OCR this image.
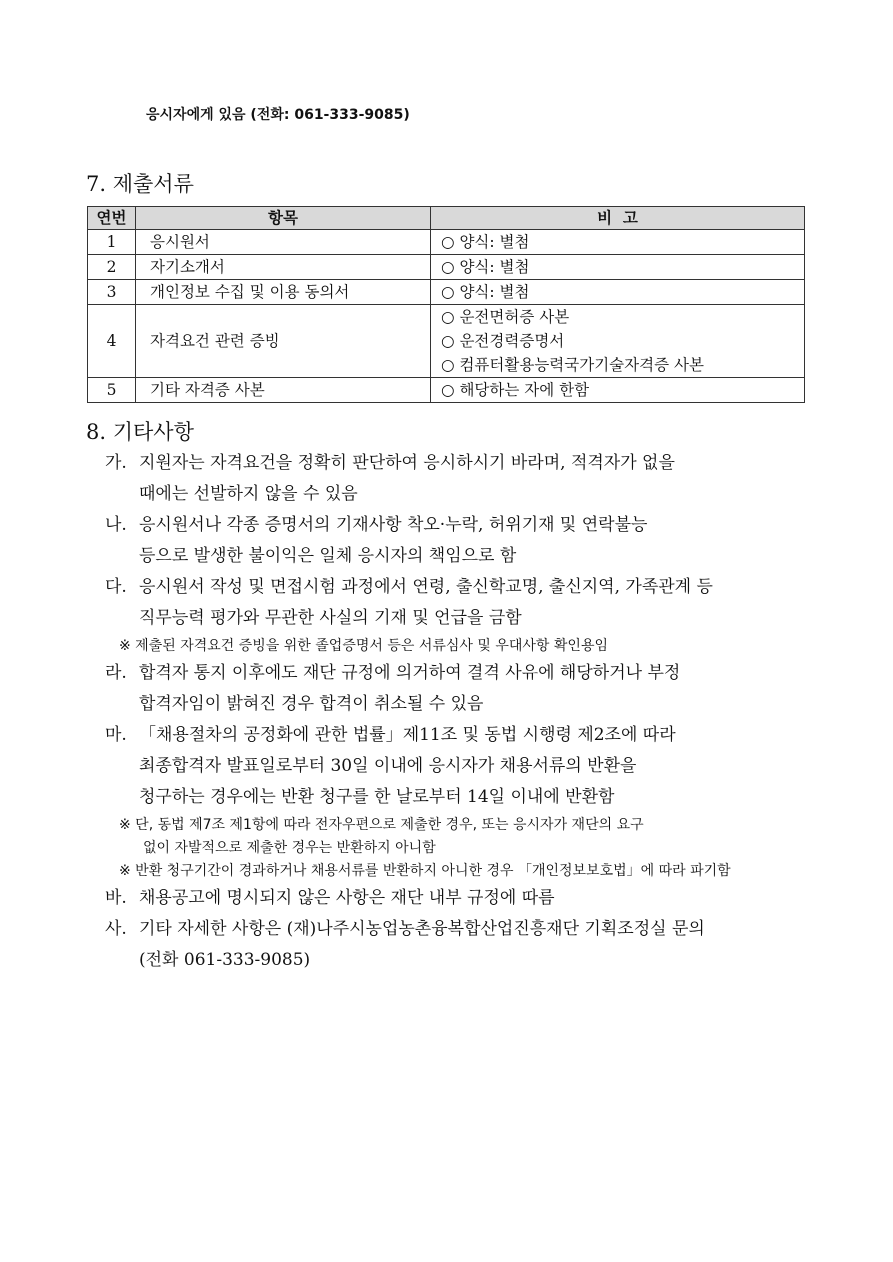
응시자에게 있음 (전화: 061-333-9085)
7. 제출서류
연번	항목	비  고
1	응시원서	○ 양식: 별첨

2	자기소개서	○ 양식: 별첨

3	개인정보 수집 및 이용 동의서	○ 양식: 별첨

4	자격요건 관련 증빙	○ 운전면허증 사본
○ 운전경력증명서
○ 컴퓨터활용능력국가기술자격증 사본

5	기타 자격증 사본	○ 해당하는 자에 한함
8. 기타사항
가. 지원자는 자격요건을 정확히 판단하여 응시하시기 바라며, 적격자가 없을
때에는 선발하지 않을 수 있음
나. 응시원서나 각종 증명서의 기재사항 착오·누락, 허위기재 및 연락불능
등으로 발생한 불이익은 일체 응시자의 책임으로 함
다. 응시원서 작성 및 면접시험 과정에서 연령, 출신학교명, 출신지역, 가족관계 등
직무능력 평가와 무관한 사실의 기재 및 언급을 금함
※ 제출된 자격요건 증빙을 위한 졸업증명서 등은 서류심사 및 우대사항 확인용임
라. 합격자 통지 이후에도 재단 규정에 의거하여 결격 사유에 해당하거나 부정
합격자임이 밝혀진 경우 합격이 취소될 수 있음
마. 「채용절차의 공정화에 관한 법률」제11조 및 동법 시행령 제2조에 따라
최종합격자 발표일로부터 30일 이내에 응시자가 채용서류의 반환을
청구하는 경우에는 반환 청구를 한 날로부터 14일 이내에 반환함
※ 단, 동법 제7조 제1항에 따라 전자우편으로 제출한 경우, 또는 응시자가 재단의 요구
없이 자발적으로 제출한 경우는 반환하지 아니함
※ 반환 청구기간이 경과하거나 채용서류를 반환하지 아니한 경우 「개인정보보호법」에 따라 파기함
바. 채용공고에 명시되지 않은 사항은 재단 내부 규정에 따름
사. 기타 자세한 사항은 (재)나주시농업농촌융복합산업진흥재단 기획조정실 문의
(전화 061-333-9085)
